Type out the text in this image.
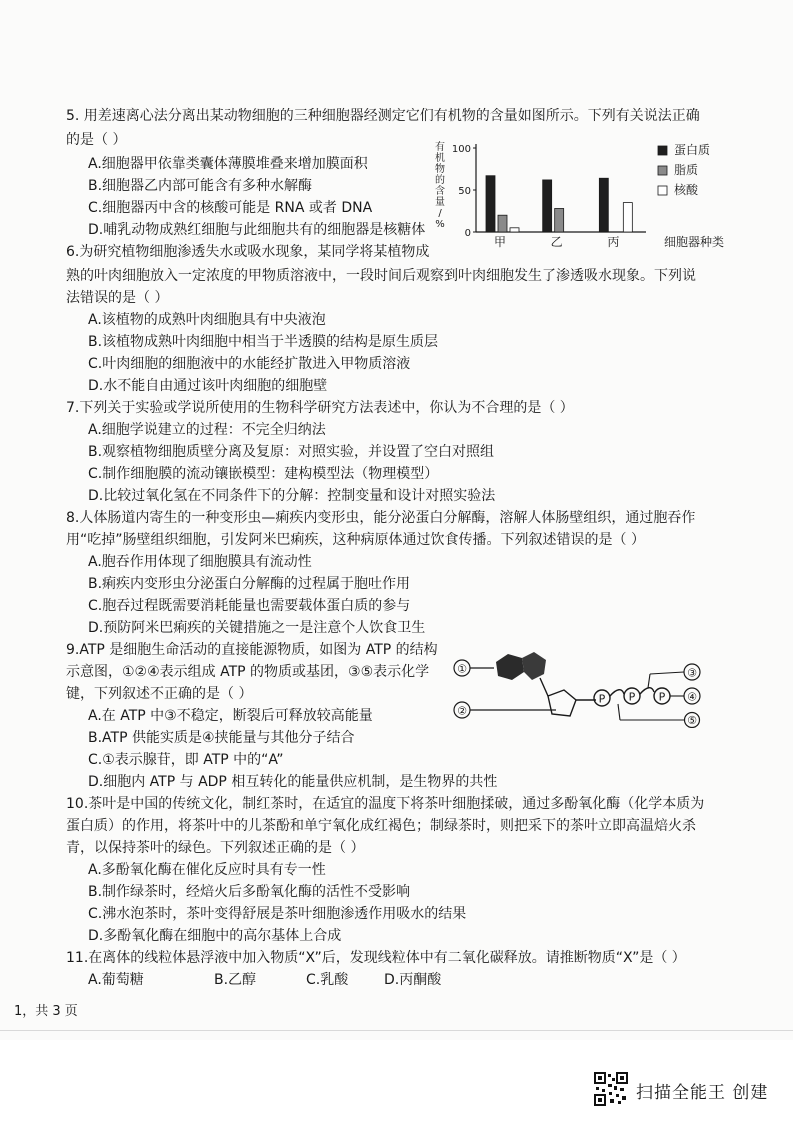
5. 用差速离心法分离出某动物细胞的三种细胞器经测定它们有机物的含量如图所示。下列有关说法正确
的是（ ）
A.细胞器甲依靠类囊体薄膜堆叠来增加膜面积
B.细胞器乙内部可能含有多种水解酶
C.细胞器丙中含的核酸可能是 RNA 或者 DNA
D.哺乳动物成熟红细胞与此细胞共有的细胞器是核糖体
有
机
物
的
含
量
/
%
0
50
100
甲	乙	丙	细胞器种类
蛋白质
脂质
核酸
6.为研究植物细胞渗透失水或吸水现象，某同学将某植物成
熟的叶肉细胞放入一定浓度的甲物质溶液中，一段时间后观察到叶肉细胞发生了渗透吸水现象。下列说
法错误的是（ ）
A.该植物的成熟叶肉细胞具有中央液泡
B.该植物成熟叶肉细胞中相当于半透膜的结构是原生质层
C.叶肉细胞的细胞液中的水能经扩散进入甲物质溶液
D.水不能自由通过该叶肉细胞的细胞壁
7.下列关于实验或学说所使用的生物科学研究方法表述中，你认为不合理的是（ ）
A.细胞学说建立的过程：不完全归纳法
B.观察植物细胞质壁分离及复原：对照实验，并设置了空白对照组
C.制作细胞膜的流动镶嵌模型：建构模型法（物理模型）
D.比较过氧化氢在不同条件下的分解：控制变量和设计对照实验法
8.人体肠道内寄生的一种变形虫—痢疾内变形虫，能分泌蛋白分解酶，溶解人体肠壁组织，通过胞吞作
用“吃掉”肠壁组织细胞，引发阿米巴痢疾，这种病原体通过饮食传播。下列叙述错误的是（ ）
A.胞吞作用体现了细胞膜具有流动性
B.痢疾内变形虫分泌蛋白分解酶的过程属于胞吐作用
C.胞吞过程既需要消耗能量也需要载体蛋白质的参与
D.预防阿米巴痢疾的关键措施之一是注意个人饮食卫生
9.ATP 是细胞生命活动的直接能源物质，如图为 ATP 的结构
示意图，①②④表示组成 ATP 的物质或基团，③⑤表示化学
键，下列叙述不正确的是（ ）
A.在 ATP 中③不稳定，断裂后可释放较高能量
B.ATP 供能实质是④挟能量与其他分子结合
C.①表示腺苷，即 ATP 中的“A”
D.细胞内 ATP 与 ADP 相互转化的能量供应机制，是生物界的共性
①
②
P P P
③
④
⑤
10.茶叶是中国的传统文化，制红茶时，在适宜的温度下将茶叶细胞揉破，通过多酚氧化酶（化学本质为
蛋白质）的作用，将茶叶中的儿茶酚和单宁氧化成红褐色；制绿茶时，则把采下的茶叶立即高温焙火杀
青，以保持茶叶的绿色。下列叙述正确的是（ ）
A.多酚氧化酶在催化反应时具有专一性
B.制作绿茶时，经焙火后多酚氧化酶的活性不受影响
C.沸水泡茶时，茶叶变得舒展是茶叶细胞渗透作用吸水的结果
D.多酚氧化酶在细胞中的高尔基体上合成
11.在离体的线粒体悬浮液中加入物质“X”后，发现线粒体中有二氧化碳释放。请推断物质“X”是（ ）
A.葡萄糖	B.乙醇	C.乳酸	D.丙酮酸
1，共 3 页
扫描全能王 创建
